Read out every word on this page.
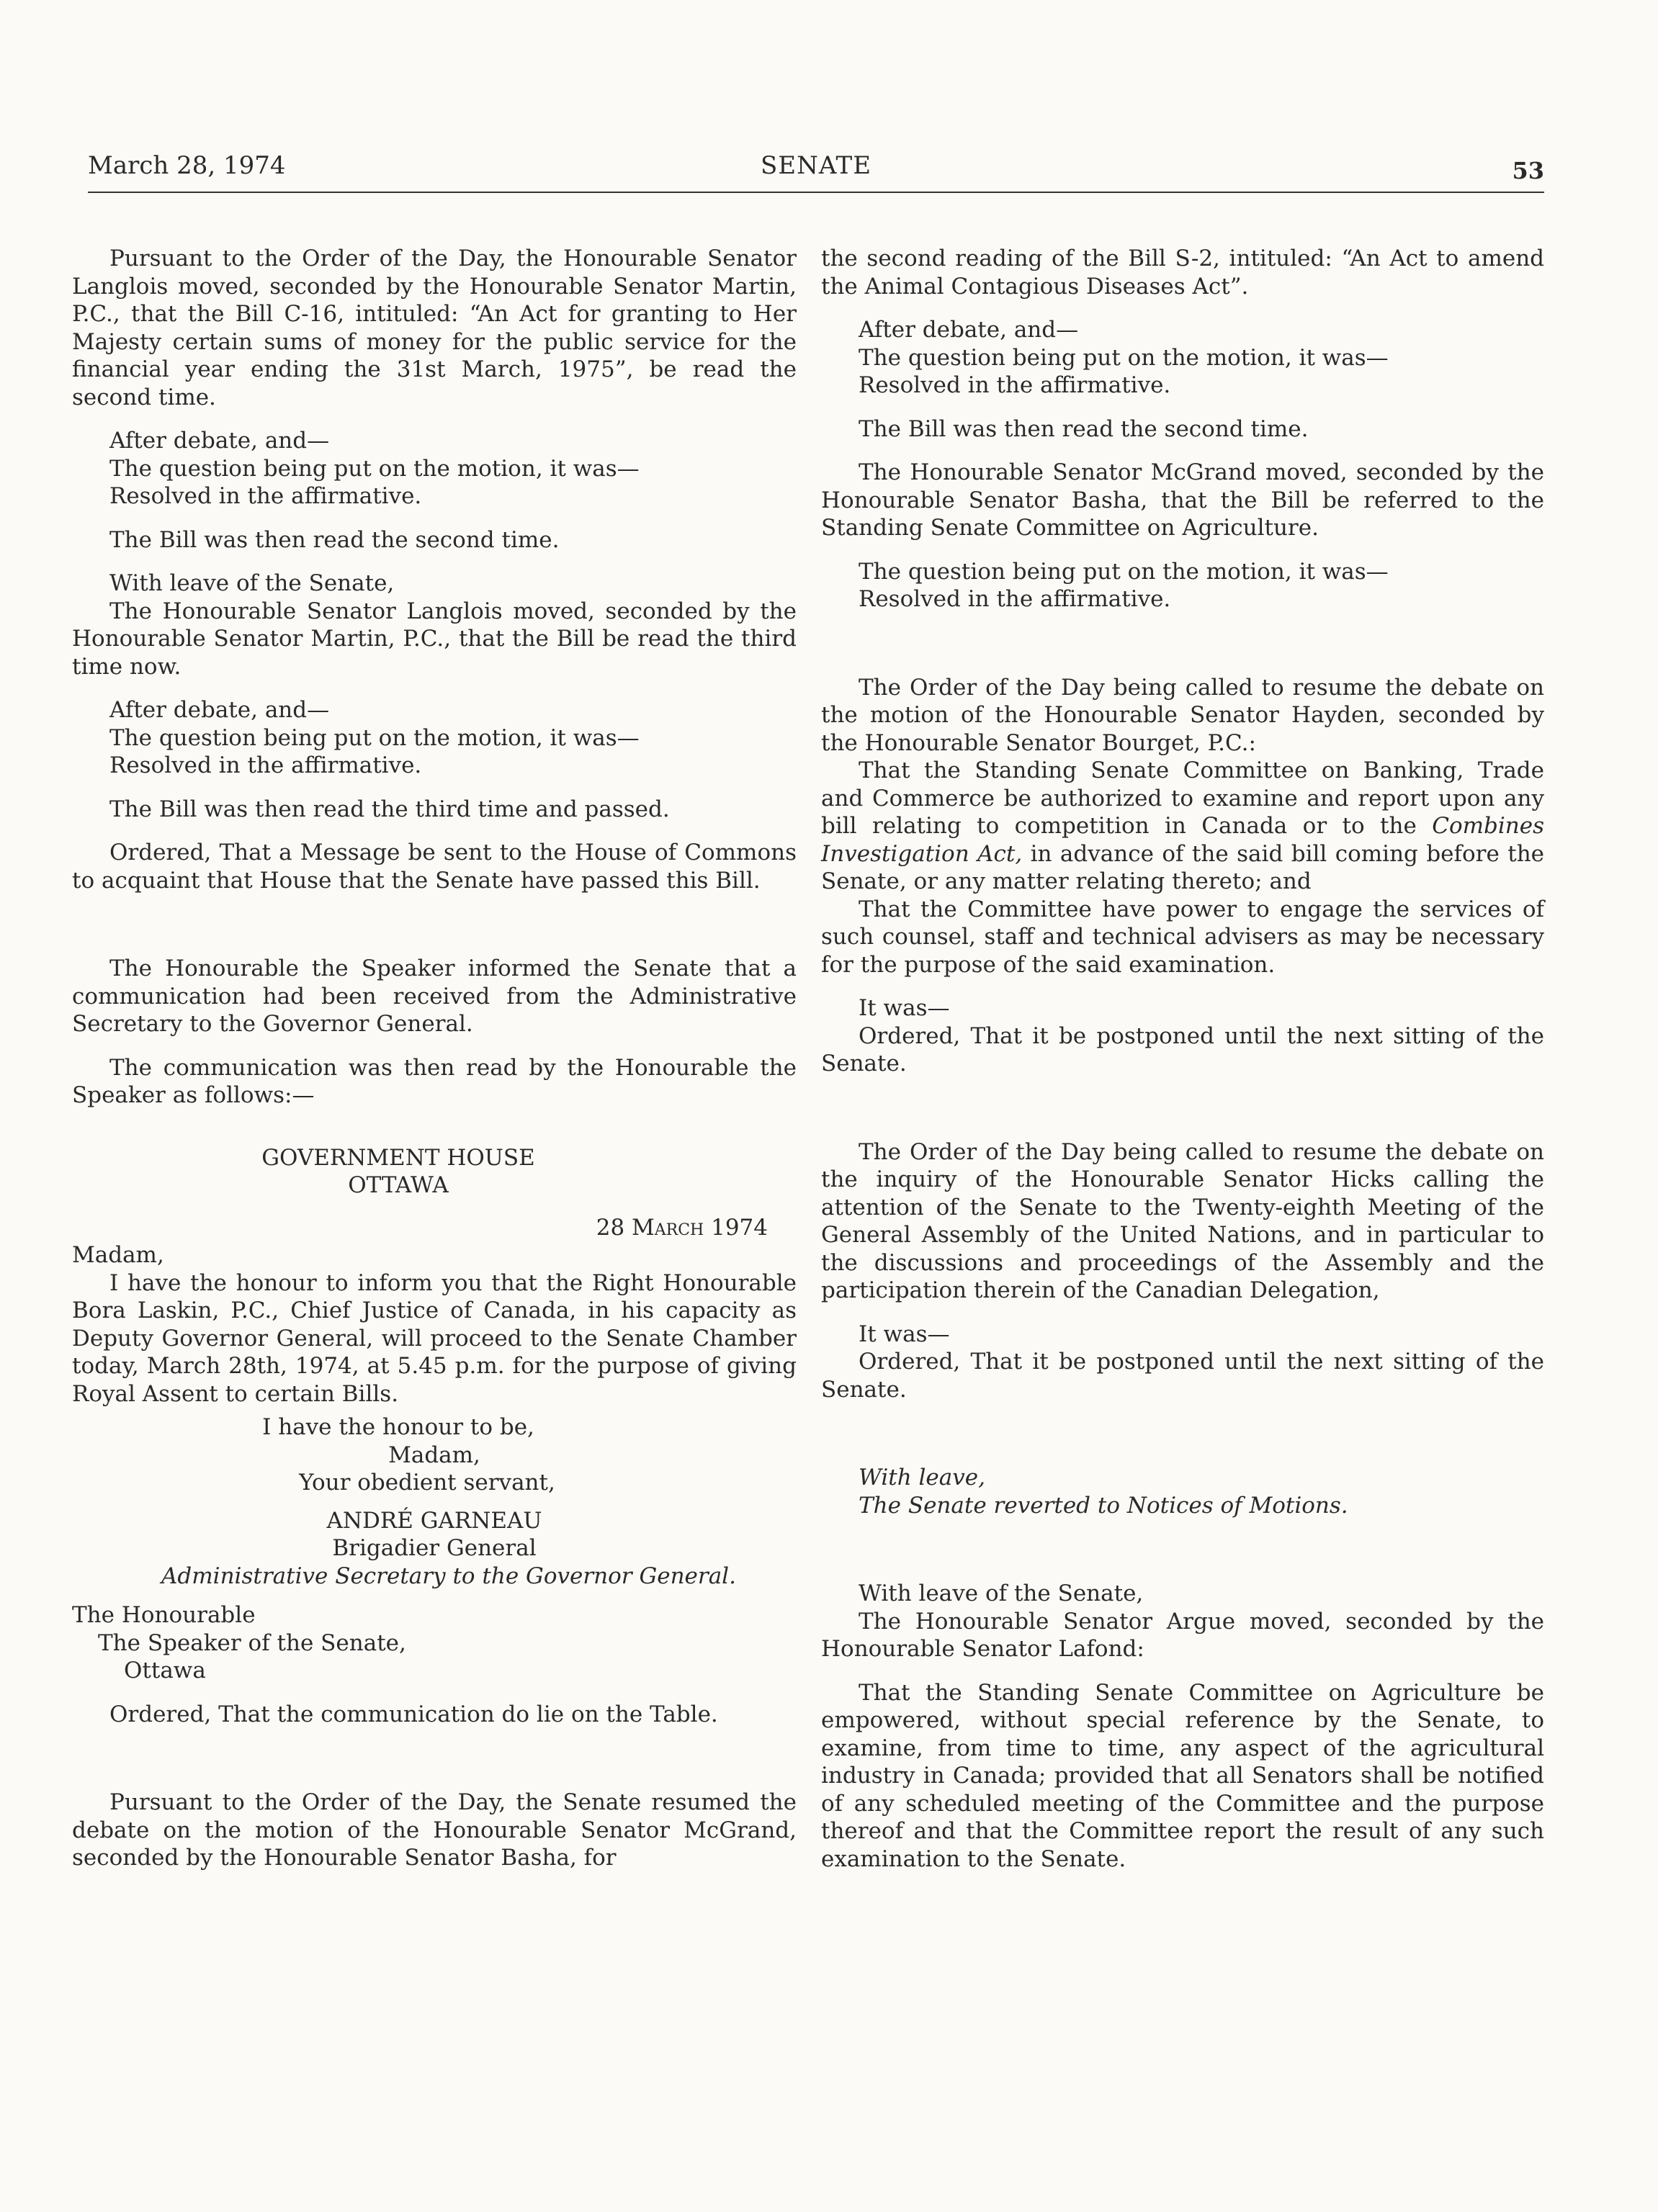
SENATE
March 28, 1974	53

Pursuant to the Order of the Day, the Honourable Senator Langlois moved, seconded by the Honourable Senator Martin, P.C., that the Bill C-16, intituled: “An Act for granting to Her Majesty certain sums of money for the public service for the financial year ending the 31st March, 1975”, be read the second time.

After debate, and—

The question being put on the motion, it was—

Resolved in the affirmative.

The Bill was then read the second time.

With leave of the Senate,

The Honourable Senator Langlois moved, seconded by the Honourable Senator Martin, P.C., that the Bill be read the third time now.

After debate, and—

The question being put on the motion, it was—

Resolved in the affirmative.

The Bill was then read the third time and passed.

Ordered, That a Message be sent to the House of Commons to acquaint that House that the Senate have passed this Bill.

The Honourable the Speaker informed the Senate that a communication had been received from the Administrative Secretary to the Governor General.

The communication was then read by the Honourable the Speaker as follows:—

GOVERNMENT HOUSE

OTTAWA

28 March 1974

Madam,

I have the honour to inform you that the Right Honourable Bora Laskin, P.C., Chief Justice of Canada, in his capacity as Deputy Governor General, will proceed to the Senate Chamber today, March 28th, 1974, at 5.45 p.m. for the purpose of giving Royal Assent to certain Bills.

I have the honour to be,

Madam,

Your obedient servant,

ANDRÉ GARNEAU

Brigadier General

Administrative Secretary to the Governor General.

The Honourable

The Speaker of the Senate,

Ottawa

Ordered, That the communication do lie on the Table.

Pursuant to the Order of the Day, the Senate resumed the debate on the motion of the Honourable Senator McGrand, seconded by the Honourable Senator Basha, for

the second reading of the Bill S-2, intituled: “An Act to amend the Animal Contagious Diseases Act”.

After debate, and—

The question being put on the motion, it was—

Resolved in the affirmative.

The Bill was then read the second time.

The Honourable Senator McGrand moved, seconded by the Honourable Senator Basha, that the Bill be referred to the Standing Senate Committee on Agriculture.

The question being put on the motion, it was—

Resolved in the affirmative.

The Order of the Day being called to resume the debate on the motion of the Honourable Senator Hayden, seconded by the Honourable Senator Bourget, P.C.:

That the Standing Senate Committee on Banking, Trade and Commerce be authorized to examine and report upon any bill relating to competition in Canada or to the Combines Investigation Act, in advance of the said bill coming before the Senate, or any matter relating thereto; and

That the Committee have power to engage the services of such counsel, staff and technical advisers as may be necessary for the purpose of the said examination.

It was—

Ordered, That it be postponed until the next sitting of the Senate.

The Order of the Day being called to resume the debate on the inquiry of the Honourable Senator Hicks calling the attention of the Senate to the Twenty-eighth Meeting of the General Assembly of the United Nations, and in particular to the discussions and proceedings of the Assembly and the participation therein of the Canadian Delegation,

It was—

Ordered, That it be postponed until the next sitting of the Senate.

With leave,

The Senate reverted to Notices of Motions.

With leave of the Senate,

The Honourable Senator Argue moved, seconded by the Honourable Senator Lafond:

That the Standing Senate Committee on Agriculture be empowered, without special reference by the Senate, to examine, from time to time, any aspect of the agricultural industry in Canada; provided that all Senators shall be notified of any scheduled meeting of the Committee and the purpose thereof and that the Committee report the result of any such examination to the Senate.
